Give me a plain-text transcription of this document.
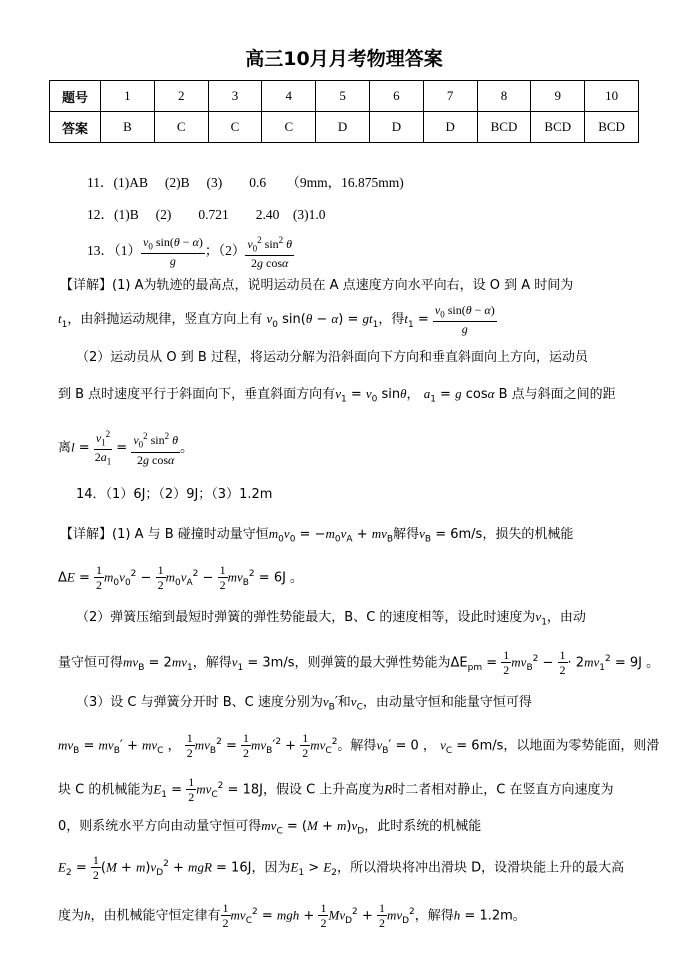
高三10月月考物理答案
题号	1	2	3	4	5	6	7	8	9	10
答案	B	C	C	C	D	D	D	BCD	BCD	BCD
11．(1)AB　 (2)B　 (3)　　0.6　　（9mm，16.875mm)
12．(1)B　 (2)　　0.721　　2.40　(3)1.0
13．$(1) \frac{v_0 \sin(\theta - \alpha)}{g}$ ；$(2) \frac{v_0^2 \sin^2 \theta}{\text{2g cosα}}$
【详解】(1) A为轨迹的最高点，说明运动员在 A 点速度方向水平向右，设 O 到 A 时间为
$t_1$，由斜抛运动规律，竖直方向上有 $v_0$ $\sin(\theta - \alpha) = gt_1$，得$t_1 = \frac{v_0 \sin(\theta - \alpha)}{g}$
（2）运动员从 O 到 B 过程，将运动分解为沿斜面向下方向和垂直斜面向上方向，运动员
到 B 点时速度平行于斜面向下，垂直斜面方向有$v_1 = v_0$ sinθ， $a_1 = g$ cosα B 点与斜面之间的距
离$l = \frac{v_1^2}{2a_1} = \frac{v_0^2 \sin^2 \theta}{\text{2g cosα}}$ 。
14．（1）6J；（2）9J；（3）1.2m
【详解】(1) A 与 B 碰撞时动量守恒$m_0v_0 = -m_0v_A + mv_B$解得$v_B = 6m/s$，损失的机械能
$\Delta E = \frac{1}{2} m_0v_0^2 - \frac{1}{2} m_0v_A^2 - \frac{1}{2} mv_B^2 = 6J$ 。
（2）弹簧压缩到最短时弹簧的弹性势能最大，B、C 的速度相等，设此时速度为$v_1$，由动
量守恒可得$mv_B = 2mv_1$，解得$v_1 = 3m/s$，则弹簧的最大弹性势能为$\Delta E_{pm} = \frac{1}{2} mv_B^2 - \frac{1}{2} \cdot 2mv_1^2 = 9J$ 。
（3）设 C 与弹簧分开时 B、C 速度分别为$v_B'$和$v_C$，由动量守恒和能量守恒可得
$mv_B = mv_B' + mv_C$ ， $\frac{1}{2} mv_B^2 = \frac{1}{2} mv_B'^2 + \frac{1}{2} mv_C^2$。解得$v_B' = 0$ ， $v_C = 6m/s$，以地面为零势能面，则滑
块 C 的机械能为$E_1 = \frac{1}{2} mv_C^2 = 18J$，假设 C 上升高度为R时二者相对静止，C 在竖直方向速度为
0，则系统水平方向由动量守恒可得$mv_C = (M + m)v_D$，此时系统的机械能
$E_2 = \frac{1}{2} (M + m)v_D^2$ + mgR = 16J，因为$E_1 > E_2$，所以滑块将冲出滑块 D，设滑块能上升的最大高
度为h，由机械能守恒定律有 $\frac{1}{2} mv_C^2$ = mgh + $\frac{1}{2} Mv_D^2 + \frac{1}{2} mv_D^2$，解得h = 1.2m。
